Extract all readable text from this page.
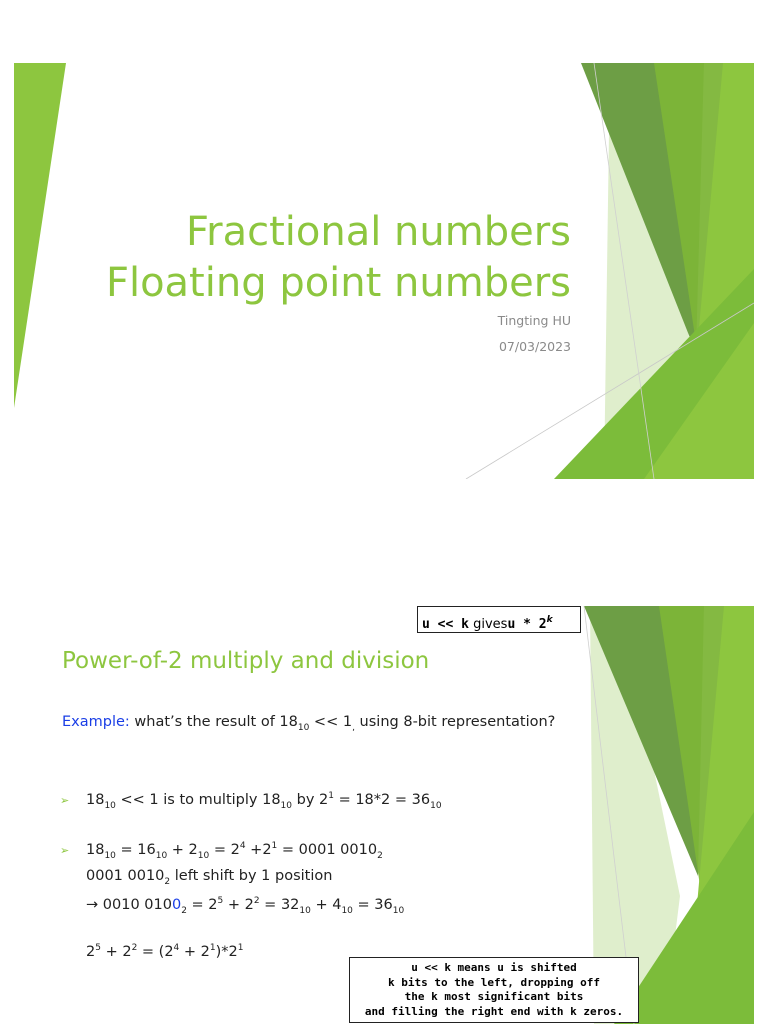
Fractional numbers
Floating point numbers
Tingting HU
07/03/2023
u << k givesu * 2$^k$
Power-of-2 multiply and division
Example: what’s the result of $18_{10} << 1_,$ using 8-bit representation?
➢ $18_{10} << 1$ is to multiply $18_{10}$ by $2^1 = 18*2 = 36_{10}$
➢ $18_{10} = 16_{10} + 2_{10} = 2^4 +2^1 = 0001$ $0010_2$
0001 $0010_2$ left shift by 1 position
→ 0010 $0100_2 = 2^5 + 2^2 = 32_{10} + 4_{10} = 36_{10}$
$2^5 + 2^2 = (2^4 + 2^1)*2^1$
u << k means u is shifted
k bits to the left, dropping off
the k most significant bits
and filling the right end with k zeros.
